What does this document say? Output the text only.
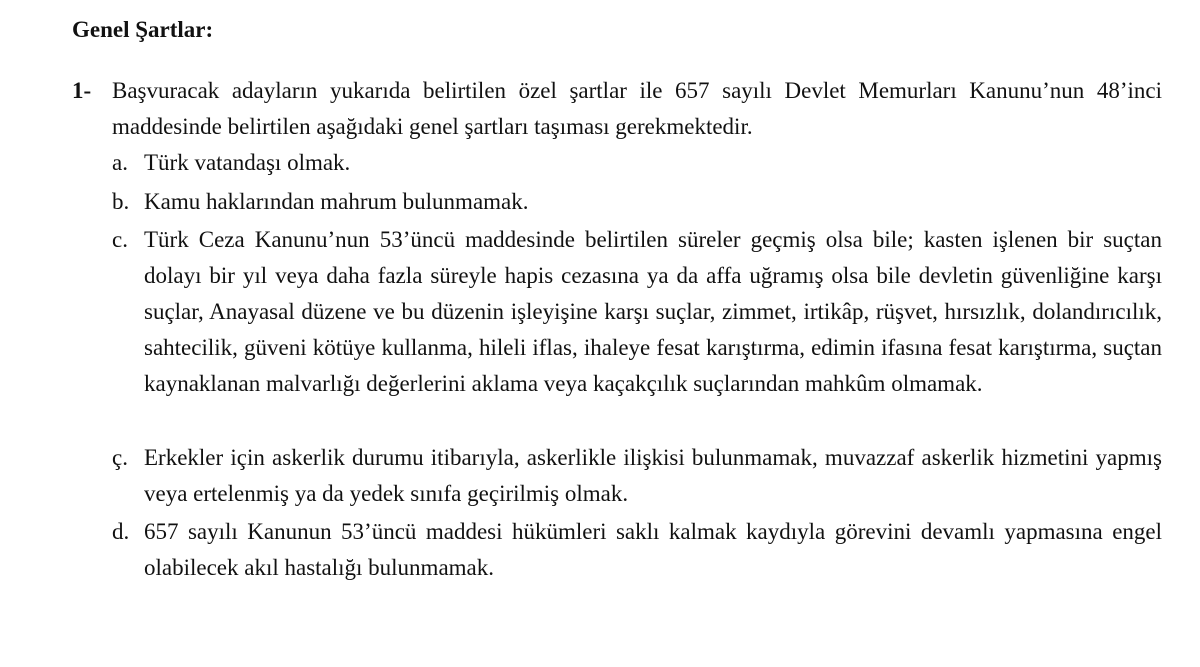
Genel Şartlar:
1- Başvuracak adayların yukarıda belirtilen özel şartlar ile 657 sayılı Devlet Memurları Kanunu’nun 48’inci maddesinde belirtilen aşağıdaki genel şartları taşıması gerekmektedir.
a. Türk vatandaşı olmak.
b. Kamu haklarından mahrum bulunmamak.
c. Türk Ceza Kanunu’nun 53’üncü maddesinde belirtilen süreler geçmiş olsa bile; kasten işlenen bir suçtan dolayı bir yıl veya daha fazla süreyle hapis cezasına ya da affa uğramış olsa bile devletin güvenliğine karşı suçlar, Anayasal düzene ve bu düzenin işleyişine karşı suçlar, zimmet, irtikâp, rüşvet, hırsızlık, dolandırıcılık, sahtecilik, güveni kötüye kullanma, hileli iflas, ihaleye fesat karıştırma, edimin ifasına fesat karıştırma, suçtan kaynaklanan malvarlığı değerlerini aklama veya kaçakçılık suçlarından mahkûm olmamak.
ç. Erkekler için askerlik durumu itibarıyla, askerlikle ilişkisi bulunmamak, muvazzaf askerlik hizmetini yapmış veya ertelenmiş ya da yedek sınıfa geçirilmiş olmak.
d. 657 sayılı Kanunun 53’üncü maddesi hükümleri saklı kalmak kaydıyla görevini devamlı yapmasına engel olabilecek akıl hastalığı bulunmamak.
